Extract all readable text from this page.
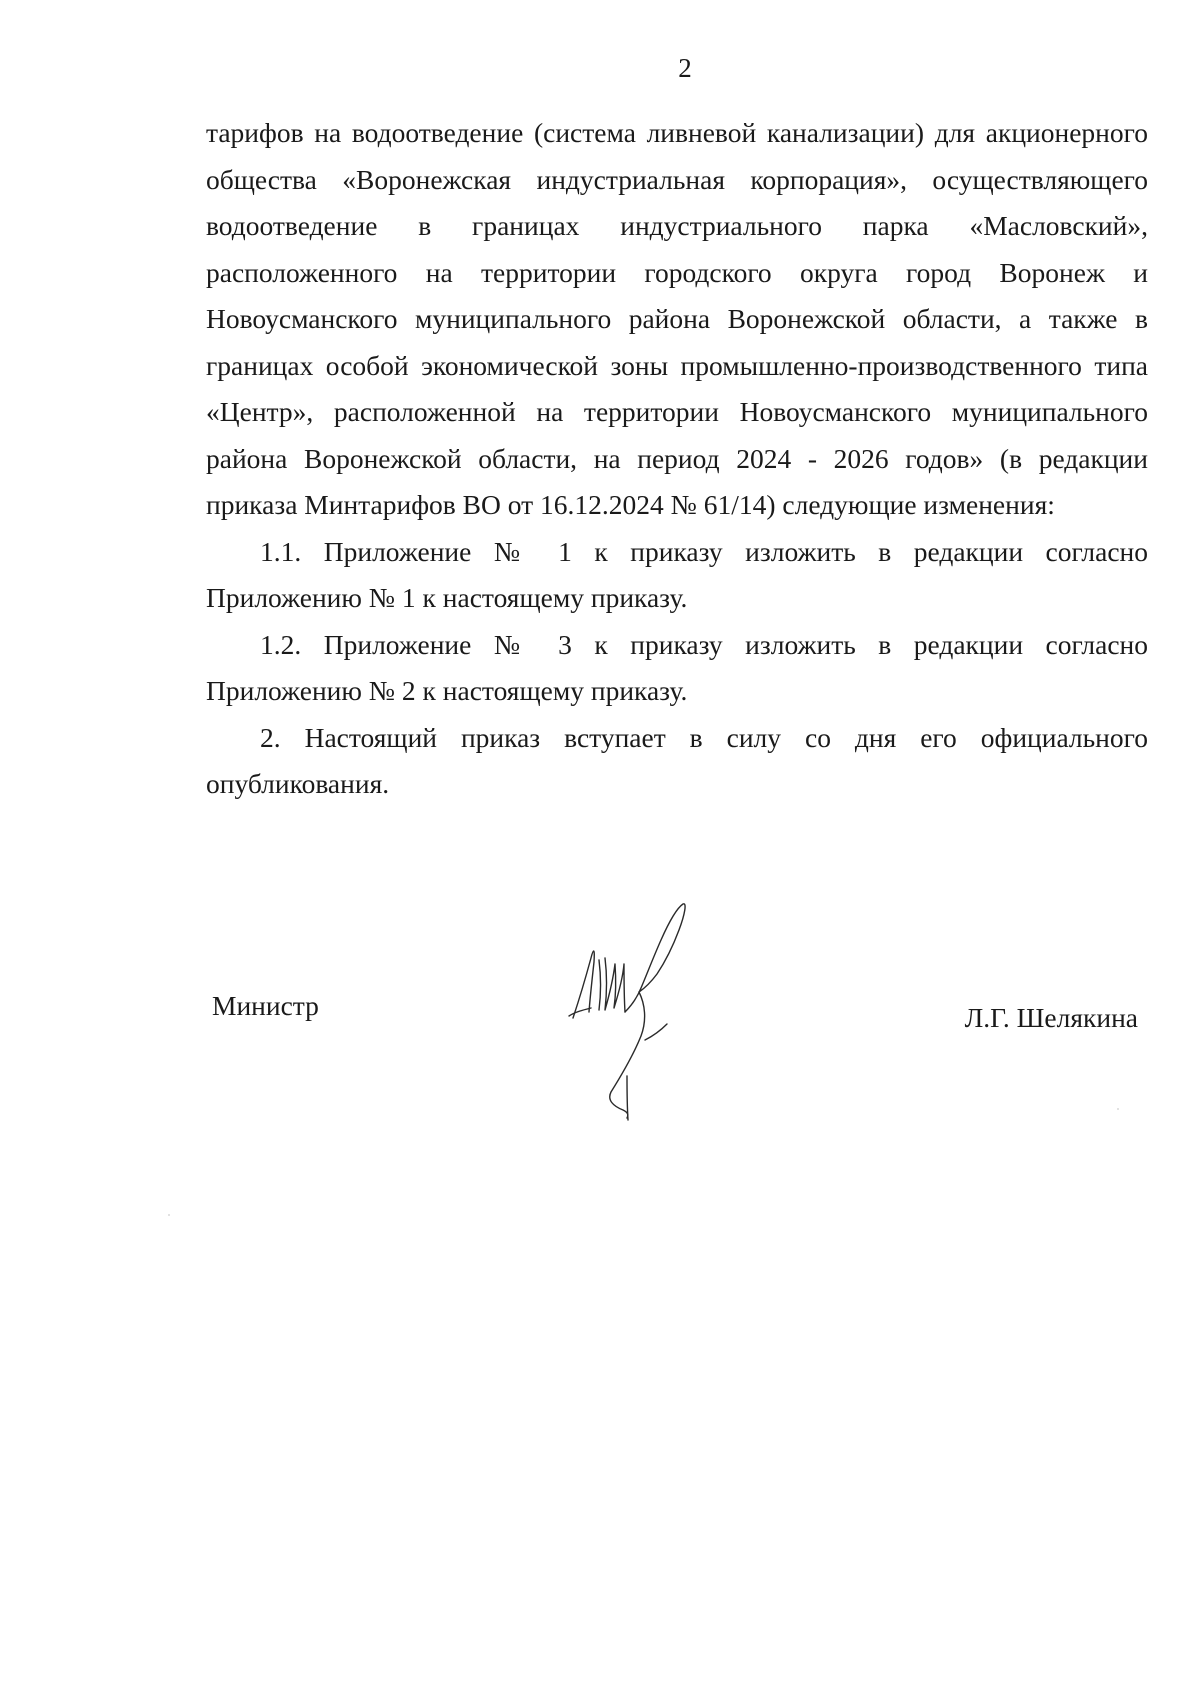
2

тарифов на водоотведение (система ливневой канализации) для акционерного общества «Воронежская индустриальная корпорация», осуществляющего водоотведение в границах индустриального парка «Масловский», расположенного на территории городского округа город Воронеж и Новоусманского муниципального района Воронежской области, а также в границах особой экономической зоны промышленно-производственного типа «Центр», расположенной на территории Новоусманского муниципального района Воронежской области, на период 2024 - 2026 годов» (в редакции приказа Минтарифов ВО от 16.12.2024 № 61/14) следующие изменения:

1.1. Приложение № 1 к приказу изложить в редакции согласно Приложению № 1 к настоящему приказу.

1.2. Приложение № 3 к приказу изложить в редакции согласно Приложению № 2 к настоящему приказу.

2. Настоящий приказ вступает в силу со дня его официального опубликования.

Министр	Л.Г. Шелякина
